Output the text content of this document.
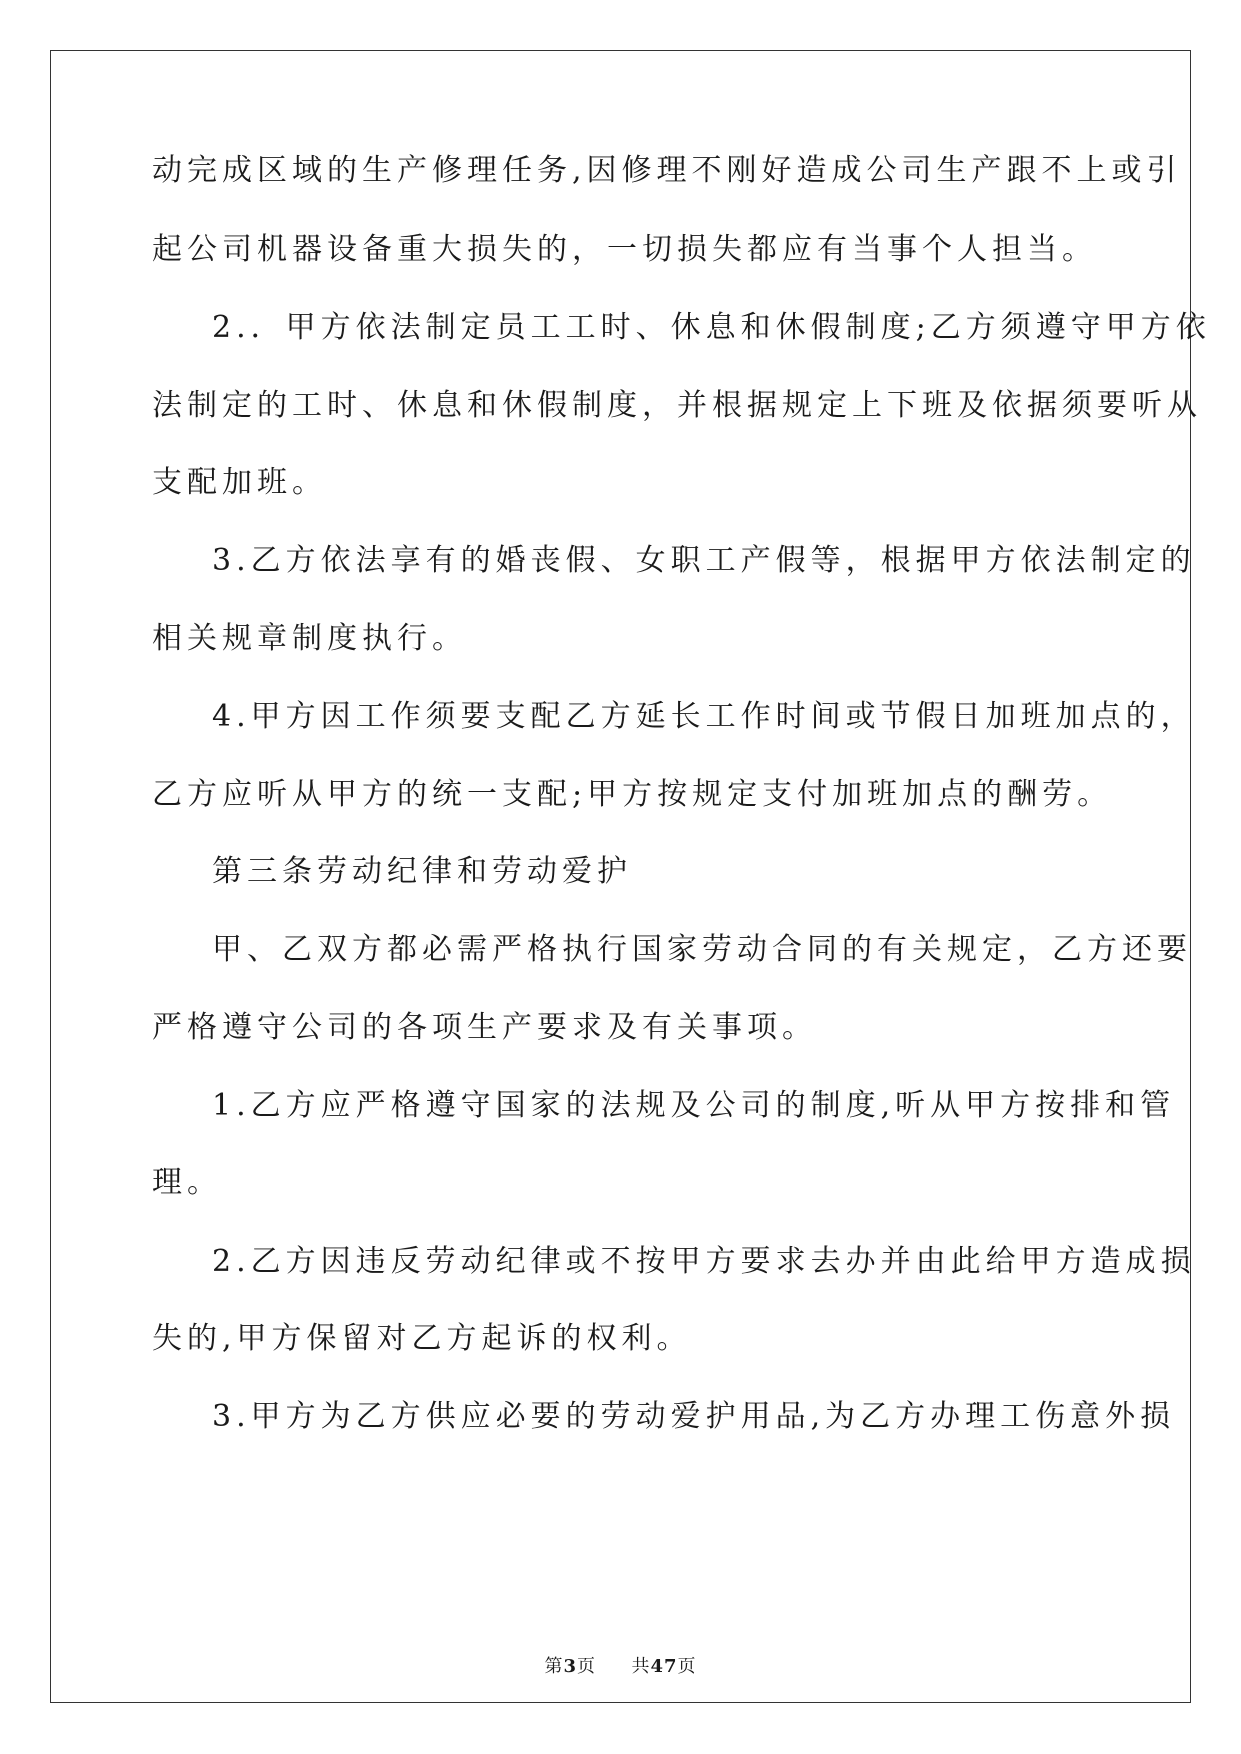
动完成区域的生产修理任务,因修理不刚好造成公司生产跟不上或引
起公司机器设备重大损失的，一切损失都应有当事个人担当。
2.．甲方依法制定员工工时、休息和休假制度;乙方须遵守甲方依
法制定的工时、休息和休假制度，并根据规定上下班及依据须要听从
支配加班。
3.乙方依法享有的婚丧假、女职工产假等，根据甲方依法制定的
相关规章制度执行。
4.甲方因工作须要支配乙方延长工作时间或节假日加班加点的，
乙方应听从甲方的统一支配;甲方按规定支付加班加点的酬劳。
第三条劳动纪律和劳动爱护
甲、乙双方都必需严格执行国家劳动合同的有关规定，乙方还要
严格遵守公司的各项生产要求及有关事项。
1.乙方应严格遵守国家的法规及公司的制度,听从甲方按排和管
理。
2.乙方因违反劳动纪律或不按甲方要求去办并由此给甲方造成损
失的,甲方保留对乙方起诉的权利。
3.甲方为乙方供应必要的劳动爱护用品,为乙方办理工伤意外损
第3页 共47页
